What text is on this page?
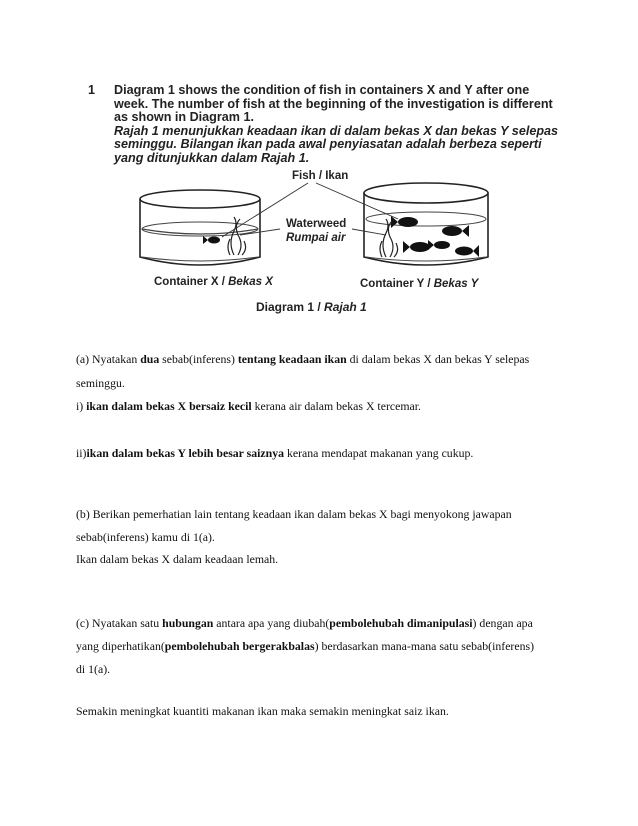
1 Diagram 1 shows the condition of fish in containers X and Y after one week. The number of fish at the beginning of the investigation is different as shown in Diagram 1.
Rajah 1 menunjukkan keadaan ikan di dalam bekas X dan bekas Y selepas seminggu. Bilangan ikan pada awal penyiasatan adalah berbeza seperti yang ditunjukkan dalam Rajah 1.
Fish / Ikan
Waterweed
Rumpai air
Container X / Bekas X	Container Y / Bekas Y
Diagram 1 / Rajah 1
(a) Nyatakan dua sebab(inferens) tentang keadaan ikan di dalam bekas X dan bekas Y selepas
seminggu.
i) ikan dalam bekas X bersaiz kecil kerana air dalam bekas X tercemar.
ii)ikan dalam bekas Y lebih besar saiznya kerana mendapat makanan yang cukup.
(b) Berikan pemerhatian lain tentang keadaan ikan dalam bekas X bagi menyokong jawapan
sebab(inferens) kamu di 1(a).
Ikan dalam bekas X dalam keadaan lemah.
(c) Nyatakan satu hubungan antara apa yang diubah(pembolehubah dimanipulasi) dengan apa
yang diperhatikan(pembolehubah bergerakbalas) berdasarkan mana-mana satu sebab(inferens)
di 1(a).
Semakin meningkat kuantiti makanan ikan maka semakin meningkat saiz ikan.
